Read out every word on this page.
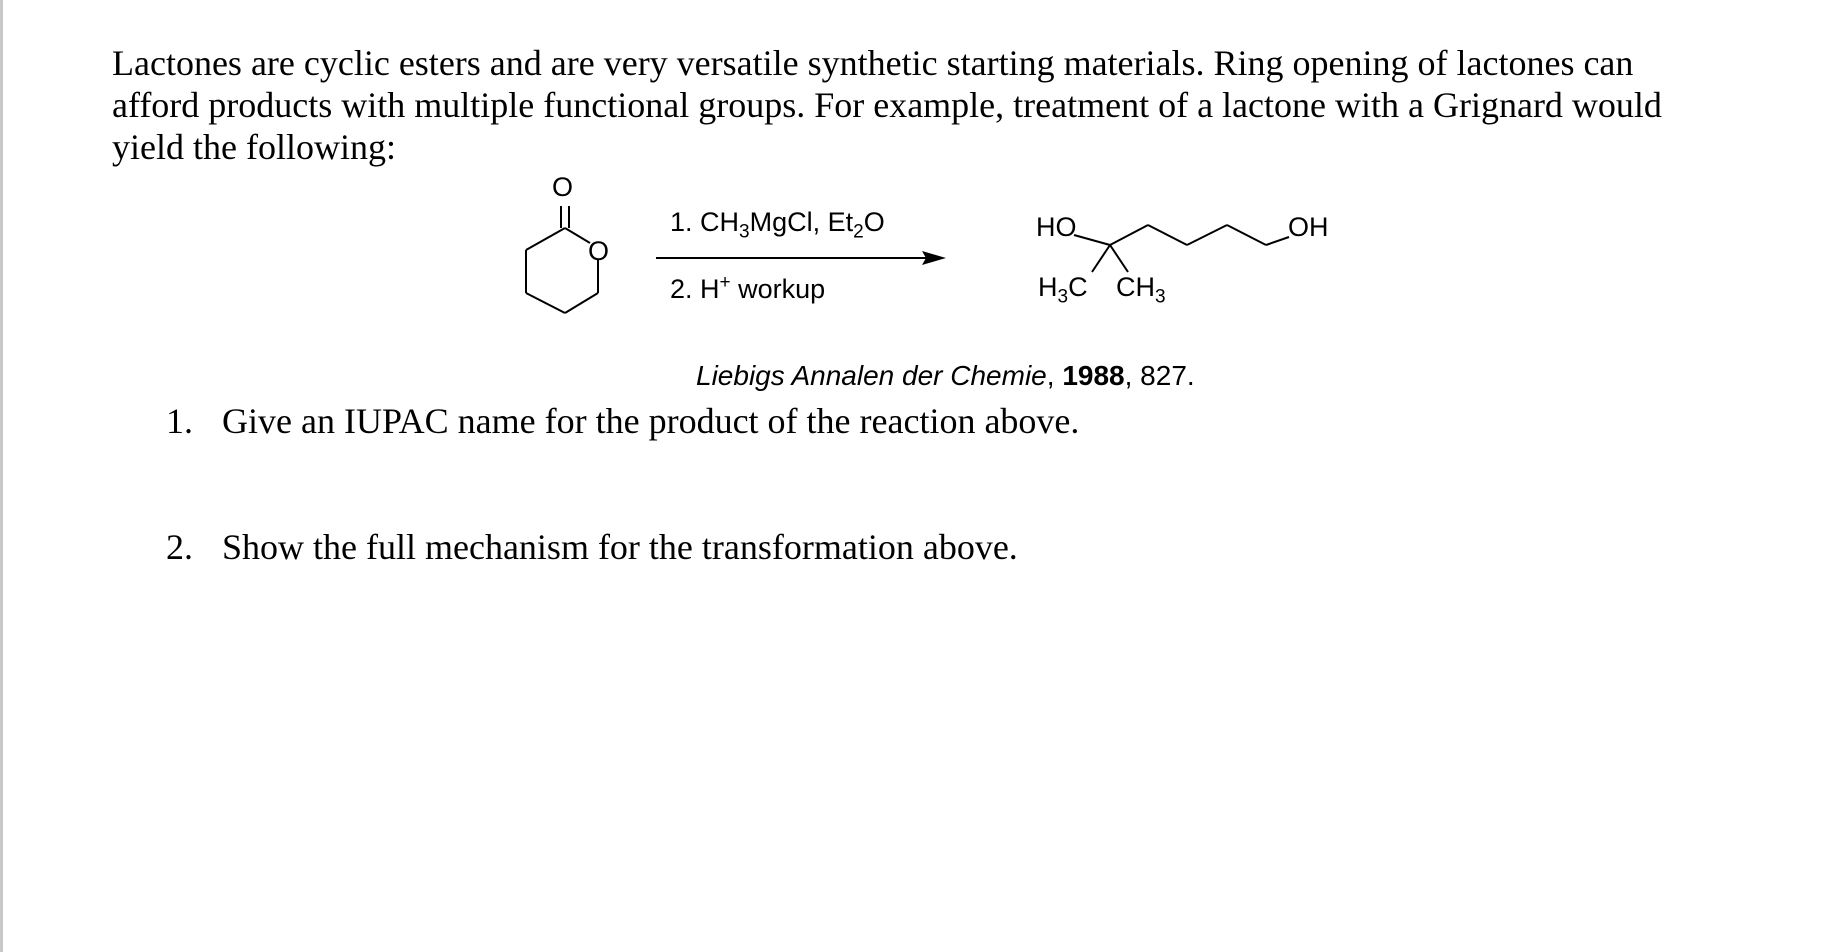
Lactones are cyclic esters and are very versatile synthetic starting materials. Ring opening of lactones can
afford products with multiple functional groups. For example, treatment of a lactone with a Grignard would
yield the following:
O
O
1. $CH_3MgCl$, $Et_2O$
2. H+ workup
HO	OH
$H_3C$ $CH_3$
Liebigs Annalen der Chemie, 1988, 827.
1. Give an IUPAC name for the product of the reaction above.
2. Show the full mechanism for the transformation above.
